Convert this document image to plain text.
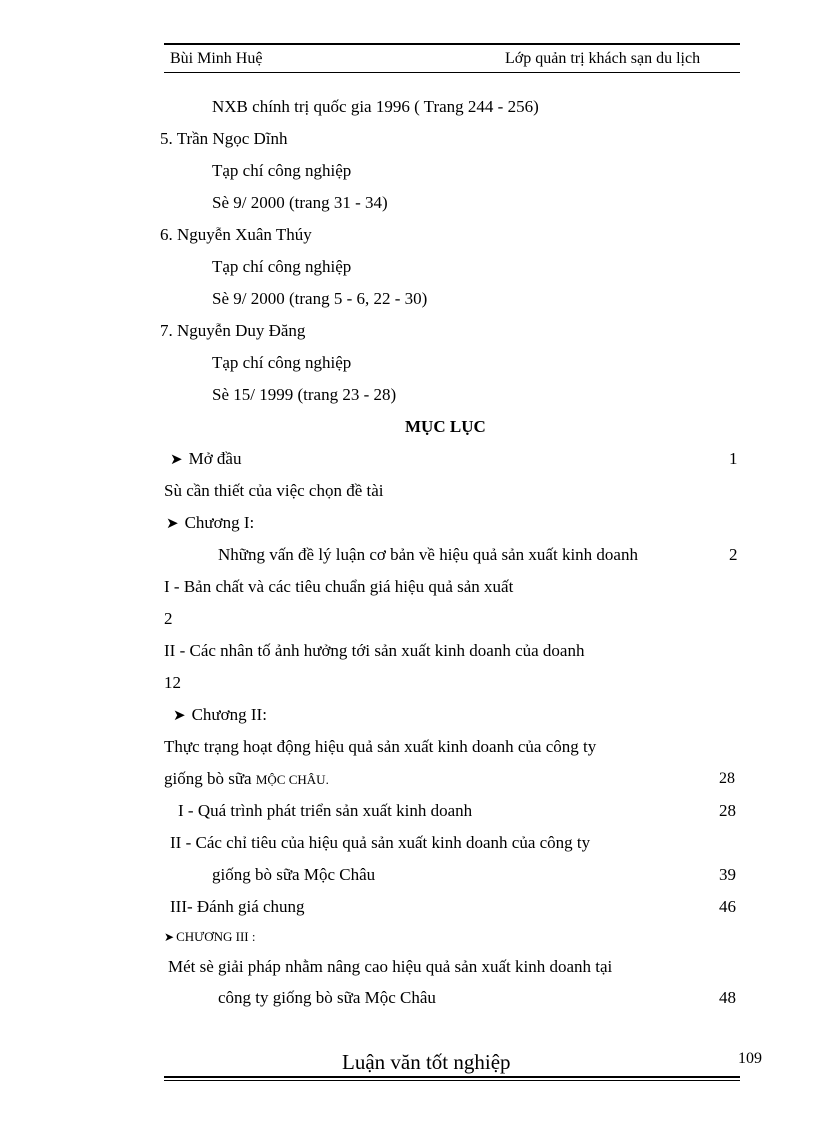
Bùi Minh Huệ	Lớp quản trị khách sạn du lịch
NXB chính trị quốc gia 1996 ( Trang 244 - 256)
5. Trần Ngọc Dĩnh
Tạp chí công nghiệp
Sè 9/ 2000 (trang 31 - 34)
6. Nguyễn Xuân Thúy
Tạp chí công nghiệp
Sè 9/ 2000 (trang 5 - 6, 22 - 30)
7. Nguyễn Duy Đăng
Tạp chí công nghiệp
Sè 15/ 1999 (trang 23 - 28)
MỤC LỤC
➤ Mở đầu	1
Sù cần thiết của việc chọn đề tài
➤ Chương I:
Những vấn đề lý luận cơ bản về hiệu quả sản xuất kinh doanh	2
I - Bản chất và các tiêu chuẩn giá hiệu quả sản xuất
2
II - Các nhân tố ảnh hưởng tới sản xuất kinh doanh của doanh
12
➤ Chương II:
Thực trạng hoạt động hiệu quả sản xuất kinh doanh của công ty
giống bò sữa MỘC CHÂU.	28
I - Quá trình phát triển sản xuất kinh doanh	28
II - Các chỉ tiêu của hiệu quả sản xuất kinh doanh của công ty
giống bò sữa Mộc Châu	39
III- Đánh giá chung	46
➤ CHƯƠNG III :
Mét sè giải pháp nhằm nâng cao hiệu quả sản xuất kinh doanh tại
công ty giống bò sữa Mộc Châu	48
Luận văn tốt nghiệp	109
